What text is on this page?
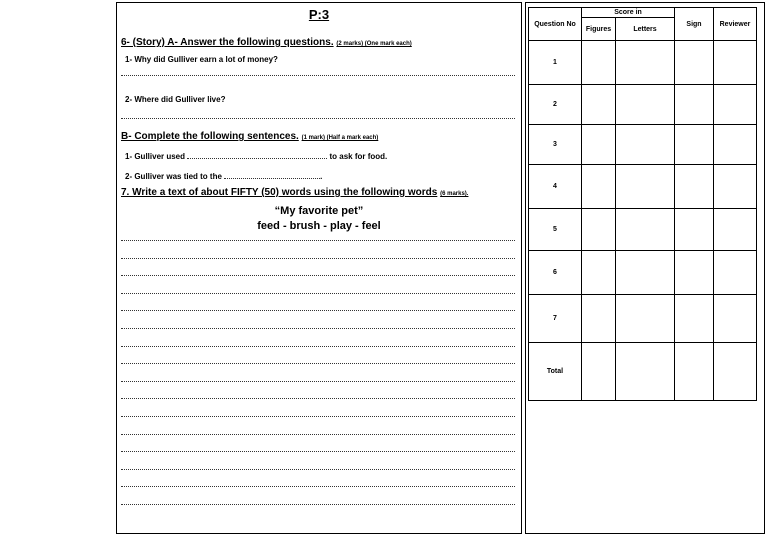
P:3
6- (Story) A- Answer the following questions. (2 marks) (One mark each)
1- Why did Gulliver earn a lot of money?
2- Where did Gulliver live?
B- Complete the following sentences. (1 mark) (Half a mark each)
1- Gulliver used	to ask for food.
2- Gulliver was tied to the	.
7. Write a text of about FIFTY (50) words using the following words (6 marks).
“My favorite pet”
feed - brush - play - feel
Question No	Score in		Sign	Reviewer
	Figures	Letters		
1				
2				
3				
4				
5				
6				
7				
Total				
